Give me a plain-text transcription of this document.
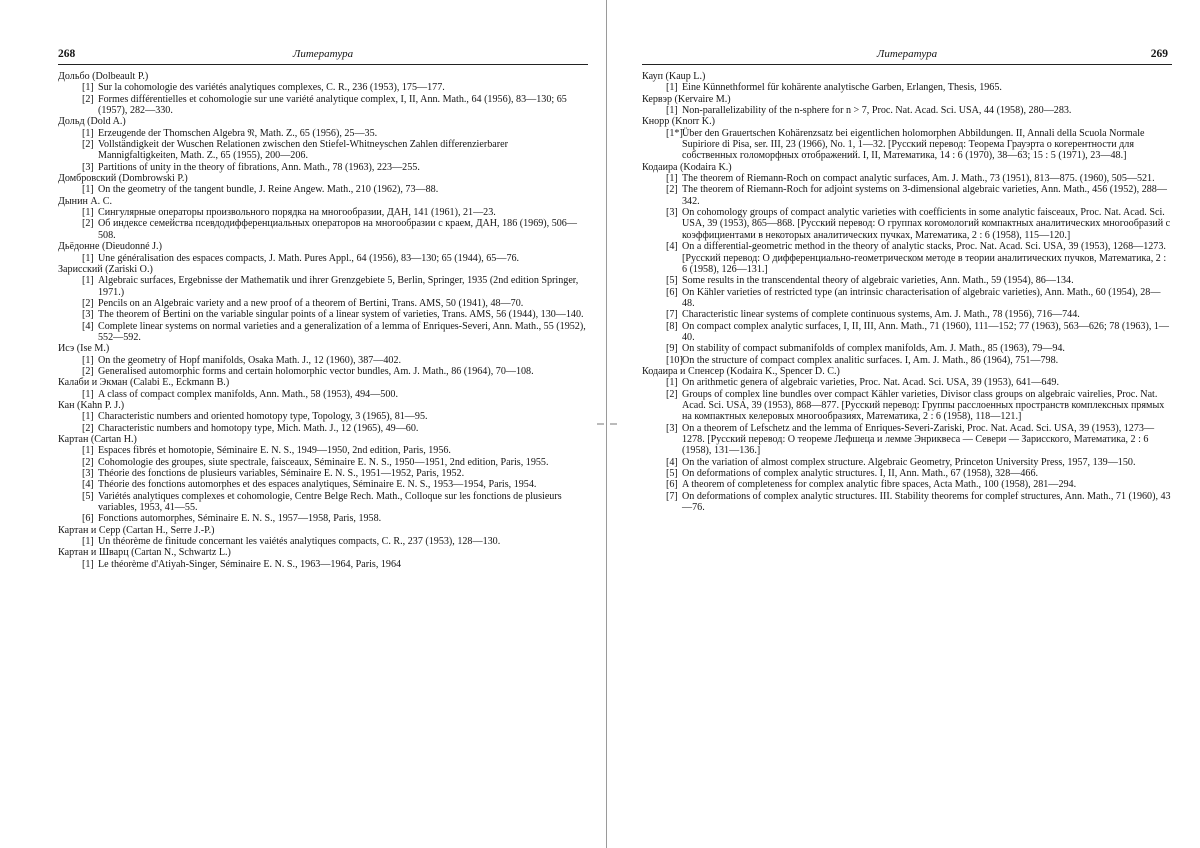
268	Литература
Дольбо (Dolbeault P.)
[1] Sur la cohomologie des variétés analytiques complexes, C. R., 236 (1953), 175—177.
[2] Formes différentielles et cohomologie sur une variété analytique complex, I, II, Ann. Math., 64 (1956), 83—130; 65 (1957), 282—330.
Дольд (Dold A.)
[1] Erzeugende der Thomschen Algebra 𝔑, Math. Z., 65 (1956), 25—35.
[2] Vollständigkeit der Wuschen Relationen zwischen den Stiefel-Whitneyschen Zahlen differenzierbarer Mannigfaltigkeiten, Math. Z., 65 (1955), 200—206.
[3] Partitions of unity in the theory of fibrations, Ann. Math., 78 (1963), 223—255.
Домбровский (Dombrowski P.)
[1] On the geometry of the tangent bundle, J. Reine Angew. Math., 210 (1962), 73—88.
Дынин А. С.
[1] Сингулярные операторы произвольного порядка на многообразии, ДАН, 141 (1961), 21—23.
[2] Об индексе семейства псевдодифференциальных операторов на многообразии с краем, ДАН, 186 (1969), 506—508.
Дьёдонне (Dieudonné J.)
[1] Une généralisation des espaces compacts, J. Math. Pures Appl., 64 (1956), 83—130; 65 (1944), 65—76.
Зарисский (Zariski O.)
[1] Algebraic surfaces, Ergebnisse der Mathematik und ihrer Grenzgebiete 5, Berlin, Springer, 1935 (2nd edition Springer, 1971.)
[2] Pencils on an Algebraic variety and a new proof of a theorem of Bertini, Trans. AMS, 50 (1941), 48—70.
[3] The theorem of Bertini on the variable singular points of a linear system of varieties, Trans. AMS, 56 (1944), 130—140.
[4] Complete linear systems on normal varieties and a generalization of a lemma of Enriques-Severi, Ann. Math., 55 (1952), 552—592.
Исэ (Ise M.)
[1] On the geometry of Hopf manifolds, Osaka Math. J., 12 (1960), 387—402.
[2] Generalised automorphic forms and certain holomorphic vector bundles, Am. J. Math., 86 (1964), 70—108.
Калаби и Экман (Calabi E., Eckmann B.)
[1] A class of compact complex manifolds, Ann. Math., 58 (1953), 494—500.
Кан (Kahn P. J.)
[1] Characteristic numbers and oriented homotopy type, Topology, 3 (1965), 81—95.
[2] Characteristic numbers and homotopy type, Mich. Math. J., 12 (1965), 49—60.
Картан (Cartan H.)
[1] Espaces fibrés et homotopie, Séminaire E. N. S., 1949—1950, 2nd edition, Paris, 1956.
[2] Cohomologie des groupes, siute spectrale, faisceaux, Séminaire E. N. S., 1950—1951, 2nd edition, Paris, 1955.
[3] Théorie des fonctions de plusieurs variables, Séminaire E. N. S., 1951—1952, Paris, 1952.
[4] Théorie des fonctions automorphes et des espaces analytiques, Séminaire E. N. S., 1953—1954, Paris, 1954.
[5] Variétés analytiques complexes et cohomologie, Centre Belge Rech. Math., Colloque sur les fonctions de plusieurs variables, 1953, 41—55.
[6] Fonctions automorphes, Séminaire E. N. S., 1957—1958, Paris, 1958.
Картан и Серр (Cartan H., Serre J.-P.)
[1] Un théorème de finitude concernant les vaiétés analytiques compacts, C. R., 237 (1953), 128—130.
Картан и Шварц (Cartan N., Schwartz L.)
[1] Le théorème d'Atiyah-Singer, Séminaire E. N. S., 1963—1964, Paris, 1964
Литература	269
Кауп (Kaup L.)
[1] Eine Künnethformel für kohärente analytische Garben, Erlangen, Thesis, 1965.
Кервэр (Kervaire M.)
[1] Non-parallelizability of the n-sphere for n > 7, Proc. Nat. Acad. Sci. USA, 44 (1958), 280—283.
Кнорр (Knorr K.)
[1*] Über den Grauertschen Kohärenzsatz bei eigentlichen holomorphen Abbildungen. II, Annali della Scuola Normale Supiriore di Pisa, ser. III, 23 (1966), No. 1, 1—32. [Русский перевод: Теорема Грауэрта о когерентности для собственных голоморфных отображений. I, II, Математика, 14 : 6 (1970), 38—63; 15 : 5 (1971), 23—48.]
Кодаира (Kodaira K.)
[1] The theorem of Riemann-Roch on compact analytic surfaces, Am. J. Math., 73 (1951), 813—875. (1960), 505—521.
[2] The theorem of Riemann-Roch for adjoint systems on 3-dimensional algebraic varieties, Ann. Math., 456 (1952), 288—342.
[3] On cohomology groups of compact analytic varieties with coefficients in some analytic faisceaux, Proc. Nat. Acad. Sci. USA, 39 (1953), 865—868. [Русский перевод: О группах когомологий компактных аналитических многообразий с коэффициентами в некоторых аналитических пучках, Математика, 2 : 6 (1958), 115—120.]
[4] On a differential-geometric method in the theory of analytic stacks, Proc. Nat. Acad. Sci. USA, 39 (1953), 1268—1273. [Русский перевод: О дифференциально-геометрическом методе в теории аналитических пучков, Математика, 2 : 6 (1958), 126—131.]
[5] Some results in the transcendental theory of algebraic varieties, Ann. Math., 59 (1954), 86—134.
[6] On Kähler varieties of restricted type (an intrinsic characterisation of algebraic varieties), Ann. Math., 60 (1954), 28—48.
[7] Characteristic linear systems of complete continuous systems, Am. J. Math., 78 (1956), 716—744.
[8] On compact complex analytic surfaces, I, II, III, Ann. Math., 71 (1960), 111—152; 77 (1963), 563—626; 78 (1963), 1—40.
[9] On stability of compact submanifolds of complex manifolds, Am. J. Math., 85 (1963), 79—94.
[10] On the structure of compact complex analitic surfaces. I, Am. J. Math., 86 (1964), 751—798.
Кодаира и Спенсер (Kodaira K., Spencer D. C.)
[1] On arithmetic genera of algebraic varieties, Proc. Nat. Acad. Sci. USA, 39 (1953), 641—649.
[2] Groups of complex line bundles over compact Kähler varieties, Divisor class groups on algebraic vairelies, Proc. Nat. Acad. Sci. USA, 39 (1953), 868—877. [Русский перевод: Группы расслоенных пространств комплексных прямых на компактных келеровых многообразиях, Математика, 2 : 6 (1958), 118—121.]
[3] On a theorem of Lefschetz and the lemma of Enriques-Severi-Zariski, Proc. Nat. Acad. Sci. USA, 39 (1953), 1273—1278. [Русский перевод: О теореме Лефшеца и лемме Энриквеса — Севери — Зарисского, Математика, 2 : 6 (1958), 131—136.]
[4] On the variation of almost complex structure. Algebraic Geometry, Princeton University Press, 1957, 139—150.
[5] On deformations of complex analytic structures. I, II, Ann. Math., 67 (1958), 328—466.
[6] A theorem of completeness for complex analytic fibre spaces, Acta Math., 100 (1958), 281—294.
[7] On deformations of complex analytic structures. III. Stability theorems for complef structures, Ann. Math., 71 (1960), 43—76.
